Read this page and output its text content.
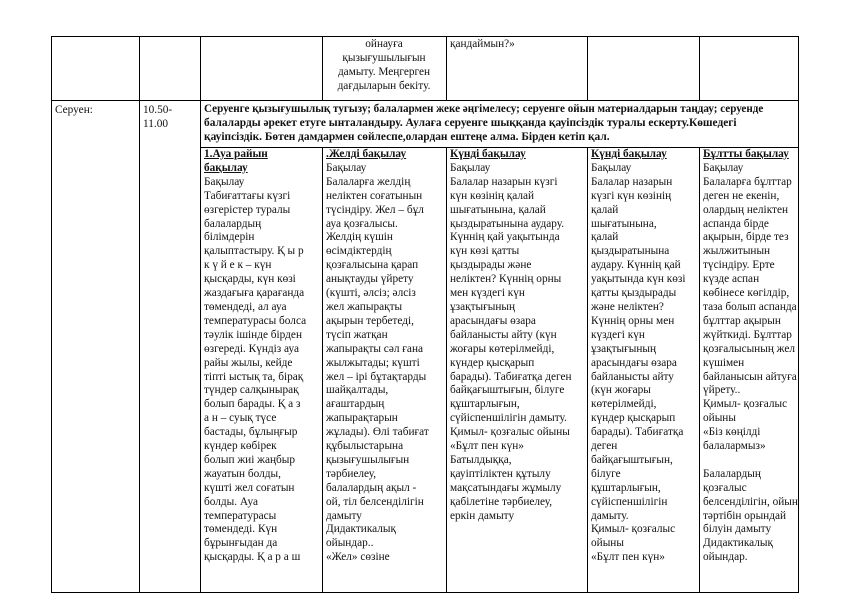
ойнауға

қызығушылығын

дамыту. Меңгерген

дағдыларын бекіту.

қандаймын?»

Серуен:	10.50-

11.00

Серуенге қызығушылық тугызу; балалармен жеке әңгімелесу; серуенге ойын материалдарын таңдау; серуенде

балаларды әрекет етуге ынталандыру. Аулаға серуенге шыққанда қауіпсіздік туралы ескерту.Көшедегі

қауіпсіздік. Бөтен дамдармен сөйлеспе,олардан ештеңе алма. Бірден кетіп қал.

1.Ауа райын

бақылау

Бақылау

Табиғаттағы күзгі

өзгерістер туралы

балалардың

білімдерін

қалыптастыру. Қ ы р

к ү й е к – күн

қысқарды, күн көзі

жаздағыға қарағанда

төмендеді, ал ауа

температурасы болса

тәулік ішінде бірден

өзгереді. Күндіз ауа

райы жылы, кейде

тіпті ыстық та, бірақ

түндер салқынырақ

болып барады. Қ а з

а н – суық түсе

бастады, бұлыңғыр

күндер көбірек

болып жиі жаңбыр

жауатын болды,

күшті жел соғатын

болды. Ауа

температурасы

төмендеді. Күн

бұрынғыдан да

қысқарды. Қ а р а ш

.Желді бақылау

Бақылау

Балаларға желдің

неліктен соғатынын

түсіндіру. Жел – бұл

ауа қозғалысы.

Желдің күшін

өсімдіктердің

қозғалысына қарап

анықтауды үйрету

(күшті, әлсіз; әлсіз

жел жапырақты

ақырын тербетеді,

түсіп жатқан

жапырақты сәл ғана

жылжытады; күшті

жел – ірі бұтақтарды

шайқалтады,

ағаштардың

жапырақтарын

жұлады). Өлі табиғат

құбылыстарына

қызығушылығын

тәрбиелеу,

балалардың ақыл -

ой, тіл белсенділігін

дамыту

Дидактикалық

ойындар..

«Жел» сөзіне

Күнді бақылау

Бақылау

Балалар назарын күзгі

күн көзінің қалай

шығатынына, қалай

қыздыратынына аудару.

Күннің қай уақытында

күн көзі қатты

қыздырады және

неліктен? Күннің орны

мен күздегі күн

ұзақтығының

арасындағы өзара

байланысты айту (күн

жоғары көтерілмейді,

күндер қысқарып

барады). Табиғатқа деген

байқағыштығын, білуге

құштарлығын,

сүйіспеншілігін дамыту.

Қимыл- қозғалыс ойыны

«Бұлт пен күн»

Батылдыққа,

қауіптіліктен құтылу

мақсатындағы жұмылу

қабілетіне тәрбиелеу,

еркін дамыту

Күнді бақылау

Бақылау

Балалар назарын

күзгі күн көзінің

қалай

шығатынына,

қалай

қыздыратынына

аудару. Күннің қай

уақытында күн көзі

қатты қыздырады

және неліктен?

Күннің орны мен

күздегі күн

ұзақтығының

арасындағы өзара

байланысты айту

(күн жоғары

көтерілмейді,

күндер қысқарып

барады). Табиғатқа

деген

байқағыштығын,

білуге

құштарлығын,

сүйіспеншілігін

дамыту.

Қимыл- қозғалыс

ойыны

«Бұлт пен күн»

Бұлтты бақылау

Бақылау

Балаларға бұлттар

деген не екенін,

олардың неліктен

аспанда бірде

ақырын, бірде тез

жылжитынын

түсіндіру. Ерте

күзде аспан

көбінесе көгілдір,

таза болып аспанда

бұлттар ақырын

жүйткиді. Бұлттар

қозғалысының жел

күшімен

байланысын айтуға

үйрету..

Қимыл- қозғалыс

ойыны

«Біз көңілді

балалармыз»

Балалардың

қозғалыс

белсенділігін, ойын

тәртібін орындай

білуін дамыту

Дидактикалық

ойындар.
